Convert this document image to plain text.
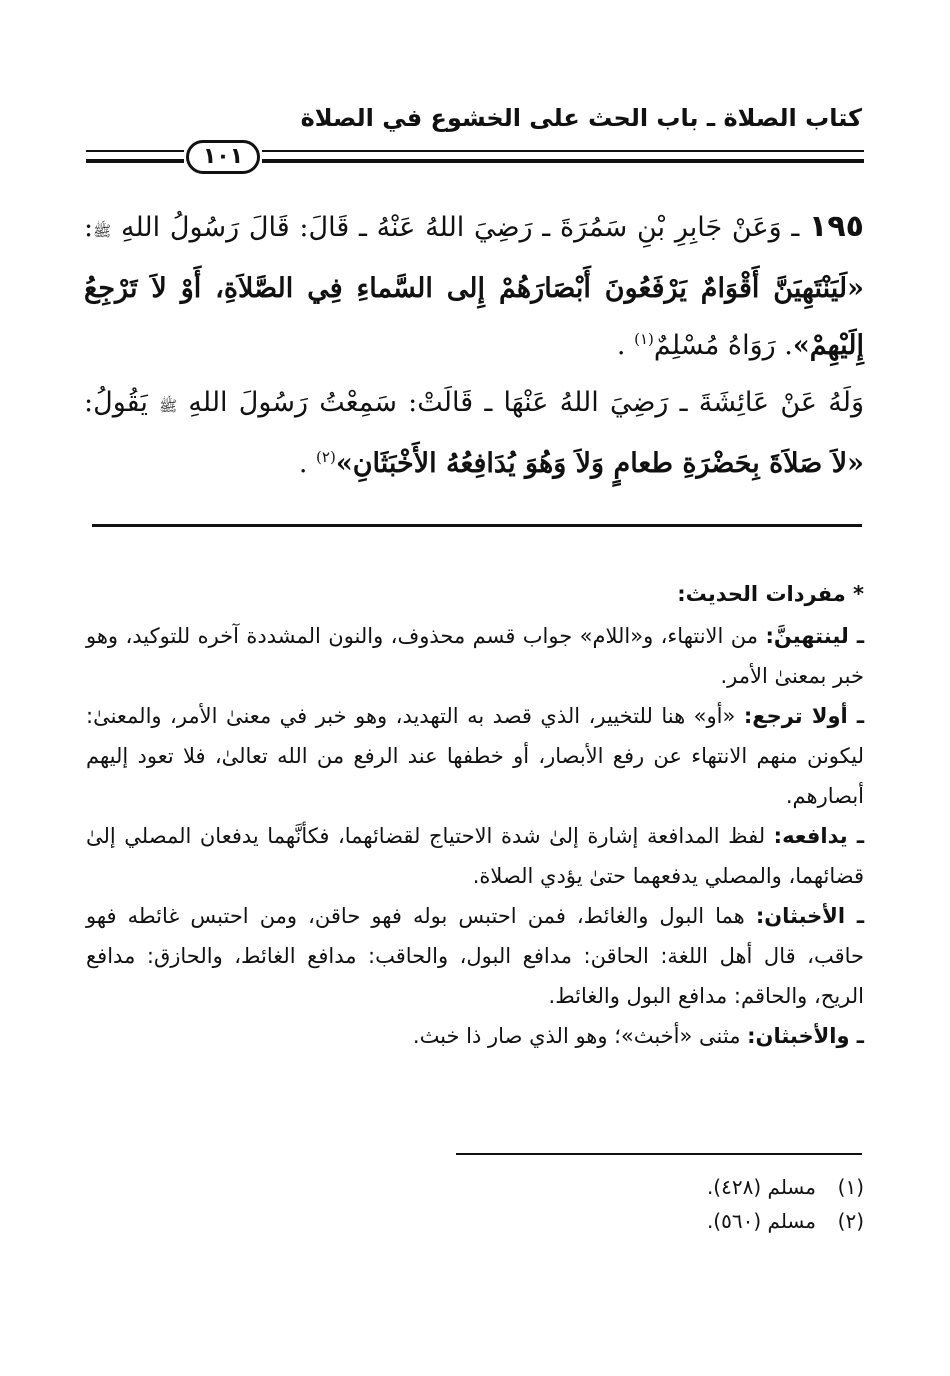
كتاب الصلاة ـ باب الحث على الخشوع في الصلاة
١٠١

١٩٥ ـ وَعَنْ جَابِرِ بْنِ سَمُرَةَ ـ رَضِيَ اللهُ عَنْهُ ـ قَالَ: قَالَ رَسُولُ اللهِ ﷺ: «لَيَنْتَهِيَنَّ أَقْوَامٌ يَرْفَعُونَ أَبْصَارَهُمْ إِلى السَّماءِ فِي الصَّلاَةِ، أَوْ لاَ تَرْجِعُ إِلَيْهِمْ». رَوَاهُ مُسْلِمٌ$^{(١)}$ .

وَلَهُ عَنْ عَائِشَةَ ـ رَضِيَ اللهُ عَنْهَا ـ قَالَتْ: سَمِعْتُ رَسُولَ اللهِ ﷺ يَقُولُ: «لاَ صَلاَةَ بِحَضْرَةِ طعامٍ وَلاَ وَهُوَ يُدَافِعُهُ الأَخْبَثَانِ»$^{(٢)}$ .

* مفردات الحديث:

ـ لينتهينَّ: من الانتهاء، و«اللام» جواب قسم محذوف، والنون المشددة آخره للتوكيد، وهو خبر بمعنىٰ الأمر.

ـ أولا ترجع: «أو» هنا للتخيير، الذي قصد به التهديد، وهو خبر في معنىٰ الأمر، والمعنىٰ: ليكونن منهم الانتهاء عن رفع الأبصار، أو خطفها عند الرفع من الله تعالىٰ، فلا تعود إليهم أبصارهم.

ـ يدافعه: لفظ المدافعة إشارة إلىٰ شدة الاحتياج لقضائهما، فكأنَّهما يدفعان المصلي إلىٰ قضائهما، والمصلي يدفعهما حتىٰ يؤدي الصلاة.

ـ الأخبثان: هما البول والغائط، فمن احتبس بوله فهو حاقن، ومن احتبس غائطه فهو حاقب، قال أهل اللغة: الحاقن: مدافع البول، والحاقب: مدافع الغائط، والحازق: مدافع الريح، والحاقم: مدافع البول والغائط.

ـ والأخبثان: مثنى «أخبث»؛ وهو الذي صار ذا خبث.

(١)مسلم (٤٢٨).

(٢)مسلم (٥٦٠).
